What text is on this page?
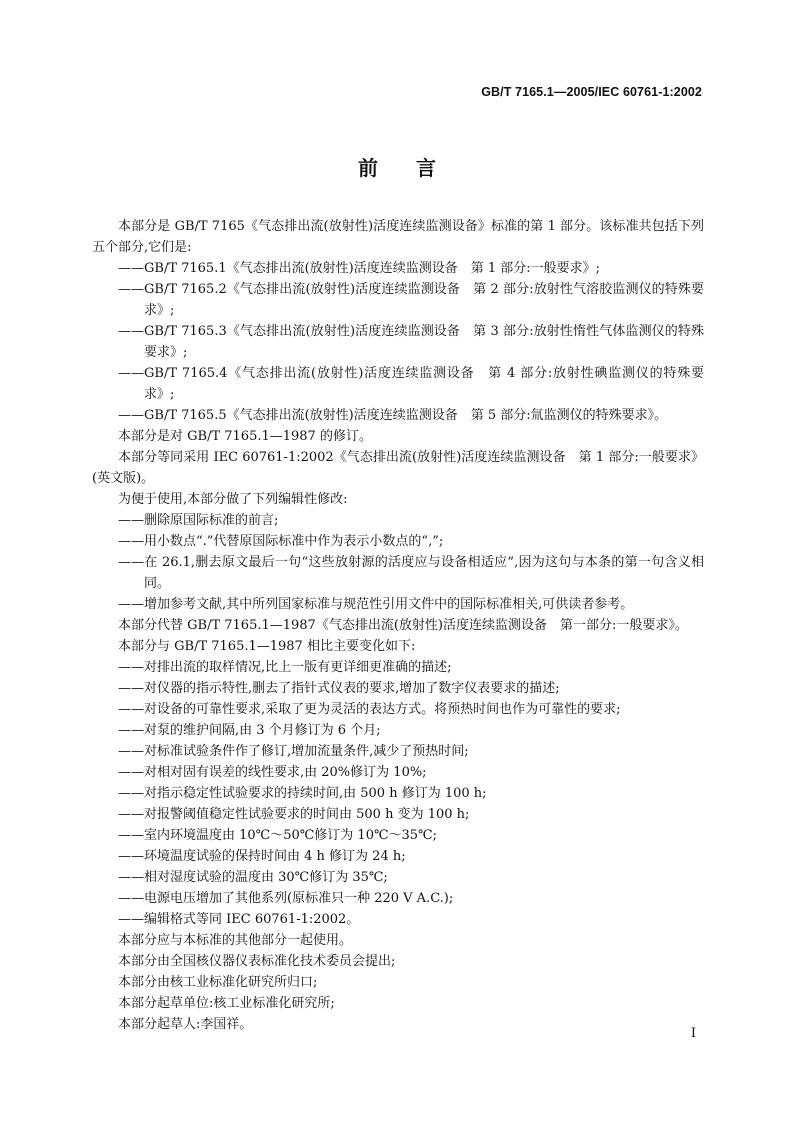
GB/T 7165.1—2005/IEC 60761-1:2002
前言

本部分是 GB/T 7165《气态排出流(放射性)活度连续监测设备》标准的第 1 部分。该标准共包括下列五个部分,它们是:

——GB/T 7165.1《气态排出流(放射性)活度连续监测设备　第 1 部分:一般要求》;

——GB/T 7165.2《气态排出流(放射性)活度连续监测设备　第 2 部分:放射性气溶胶监测仪的特殊要求》;

——GB/T 7165.3《气态排出流(放射性)活度连续监测设备　第 3 部分:放射性惰性气体监测仪的特殊要求》;

——GB/T 7165.4《气态排出流(放射性)活度连续监测设备　第 4 部分:放射性碘监测仪的特殊要求》;

——GB/T 7165.5《气态排出流(放射性)活度连续监测设备　第 5 部分:氚监测仪的特殊要求》。

本部分是对 GB/T 7165.1—1987 的修订。

本部分等同采用 IEC 60761-1:2002《气态排出流(放射性)活度连续监测设备　第 1 部分:一般要求》(英文版)。

为便于使用,本部分做了下列编辑性修改:

——删除原国际标准的前言;

——用小数点“.”代替原国际标准中作为表示小数点的“,”;

——在 26.1,删去原文最后一句“这些放射源的活度应与设备相适应”,因为这句与本条的第一句含义相同。

——增加参考文献,其中所列国家标准与规范性引用文件中的国际标准相关,可供读者参考。

本部分代替 GB/T 7165.1—1987《气态排出流(放射性)活度连续监测设备　第一部分:一般要求》。

本部分与 GB/T 7165.1—1987 相比主要变化如下:

——对排出流的取样情况,比上一版有更详细更准确的描述;

——对仪器的指示特性,删去了指针式仪表的要求,增加了数字仪表要求的描述;

——对设备的可靠性要求,采取了更为灵活的表达方式。将预热时间也作为可靠性的要求;

——对泵的维护间隔,由 3 个月修订为 6 个月;

——对标准试验条件作了修订,增加流量条件,减少了预热时间;

——对相对固有误差的线性要求,由 20%修订为 10%;

——对指示稳定性试验要求的持续时间,由 500 h 修订为 100 h;

——对报警阈值稳定性试验要求的时间由 500 h 变为 100 h;

——室内环境温度由 10℃～50℃修订为 10℃～35℃;

——环境温度试验的保持时间由 4 h 修订为 24 h;

——相对湿度试验的温度由 30℃修订为 35℃;

——电源电压增加了其他系列(原标准只一种 220 V A.C.);

——编辑格式等同 IEC 60761-1:2002。

本部分应与本标准的其他部分一起使用。

本部分由全国核仪器仪表标准化技术委员会提出;

本部分由核工业标准化研究所归口;

本部分起草单位:核工业标准化研究所;

本部分起草人:李国祥。

I
